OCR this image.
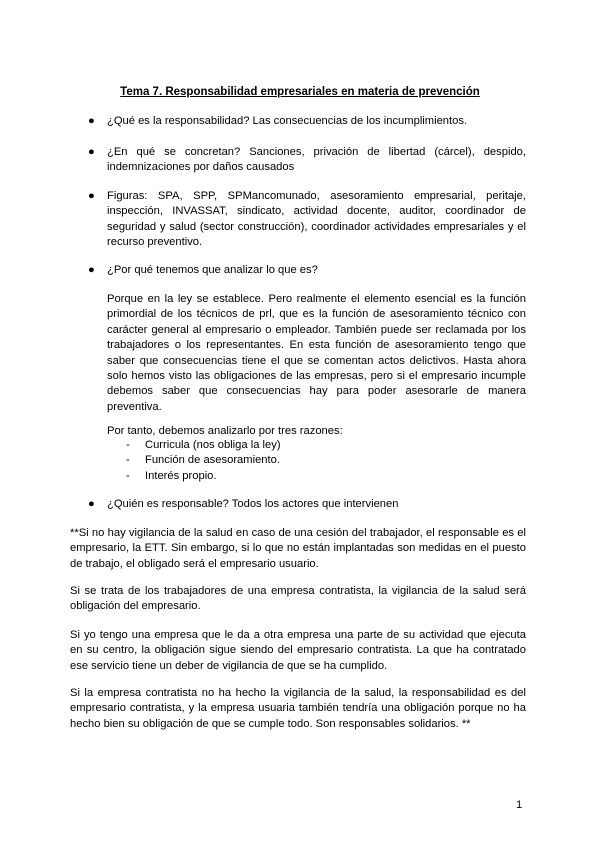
Tema 7. Responsabilidad empresariales en materia de prevención
● ¿Qué es la responsabilidad? Las consecuencias de los incumplimientos.
● ¿En qué se concretan? Sanciones, privación de libertad (cárcel), despido, indemnizaciones por daños causados
● Figuras: SPA, SPP, SPMancomunado, asesoramiento empresarial, peritaje, inspección, INVASSAT, sindicato, actividad docente, auditor, coordinador de seguridad y salud (sector construcción), coordinador actividades empresariales y el recurso preventivo.
● ¿Por qué tenemos que analizar lo que es?
Porque en la ley se establece. Pero realmente el elemento esencial es la función primordial de los técnicos de prl, que es la función de asesoramiento técnico con carácter general al empresario o empleador. También puede ser reclamada por los trabajadores o los representantes. En esta función de asesoramiento tengo que saber que consecuencias tiene el que se comentan actos delictivos. Hasta ahora solo hemos visto las obligaciones de las empresas, pero si el empresario incumple debemos saber que consecuencias hay para poder asesorarle de manera preventiva.
Por tanto, debemos analizarlo por tres razones:
- Curricula (nos obliga la ley)
- Función de asesoramiento.
- Interés propio.
● ¿Quién es responsable? Todos los actores que intervienen
**Si no hay vigilancia de la salud en caso de una cesión del trabajador, el responsable es el empresario, la ETT. Sin embargo, si lo que no están implantadas son medidas en el puesto de trabajo, el obligado será el empresario usuario.
Si se trata de los trabajadores de una empresa contratista, la vigilancia de la salud será obligación del empresario.
Si yo tengo una empresa que le da a otra empresa una parte de su actividad que ejecuta en su centro, la obligación sigue siendo del empresario contratista. La que ha contratado ese servicio tiene un deber de vigilancia de que se ha cumplido.
Si la empresa contratista no ha hecho la vigilancia de la salud, la responsabilidad es del empresario contratista, y la empresa usuaria también tendría una obligación porque no ha hecho bien su obligación de que se cumple todo. Son responsables solidarios. **
1
